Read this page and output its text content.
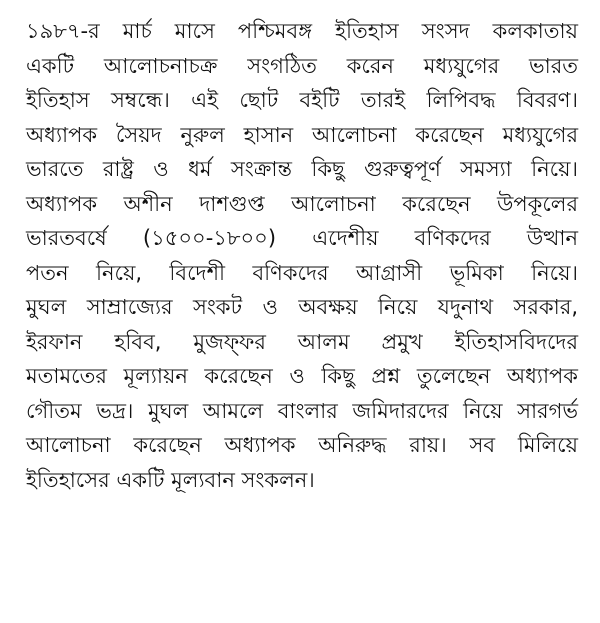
১৯৮৭-র মার্চ মাসে পশ্চিমবঙ্গ ইতিহাস সংসদ কলকাতায়
একটি আলোচনাচক্র সংগঠিত করেন মধ্যযুগের ভারত
ইতিহাস সম্বন্ধে। এই ছোট বইটি তারই লিপিবদ্ধ বিবরণ।
অধ্যাপক সৈয়দ নুরুল হাসান আলোচনা করেছেন মধ্যযুগের
ভারতে রাষ্ট্র ও ধর্ম সংক্রান্ত কিছু গুরুত্বপূর্ণ সমস্যা নিয়ে।
অধ্যাপক অশীন দাশগুপ্ত আলোচনা করেছেন উপকূলের
ভারতবর্ষে (১৫০০-১৮০০) এদেশীয় বণিকদের উত্থান
পতন নিয়ে, বিদেশী বণিকদের আগ্রাসী ভূমিকা নিয়ে।
মুঘল সাম্রাজ্যের সংকট ও অবক্ষয় নিয়ে যদুনাথ সরকার,
ইরফান হবিব, মুজফ্ফর আলম প্রমুখ ইতিহাসবিদদের
মতামতের মূল্যায়ন করেছেন ও কিছু প্রশ্ন তুলেছেন অধ্যাপক
গৌতম ভদ্র। মুঘল আমলে বাংলার জমিদারদের নিয়ে সারগর্ভ
আলোচনা করেছেন অধ্যাপক অনিরুদ্ধ রায়। সব মিলিয়ে
ইতিহাসের একটি মূল্যবান সংকলন।
